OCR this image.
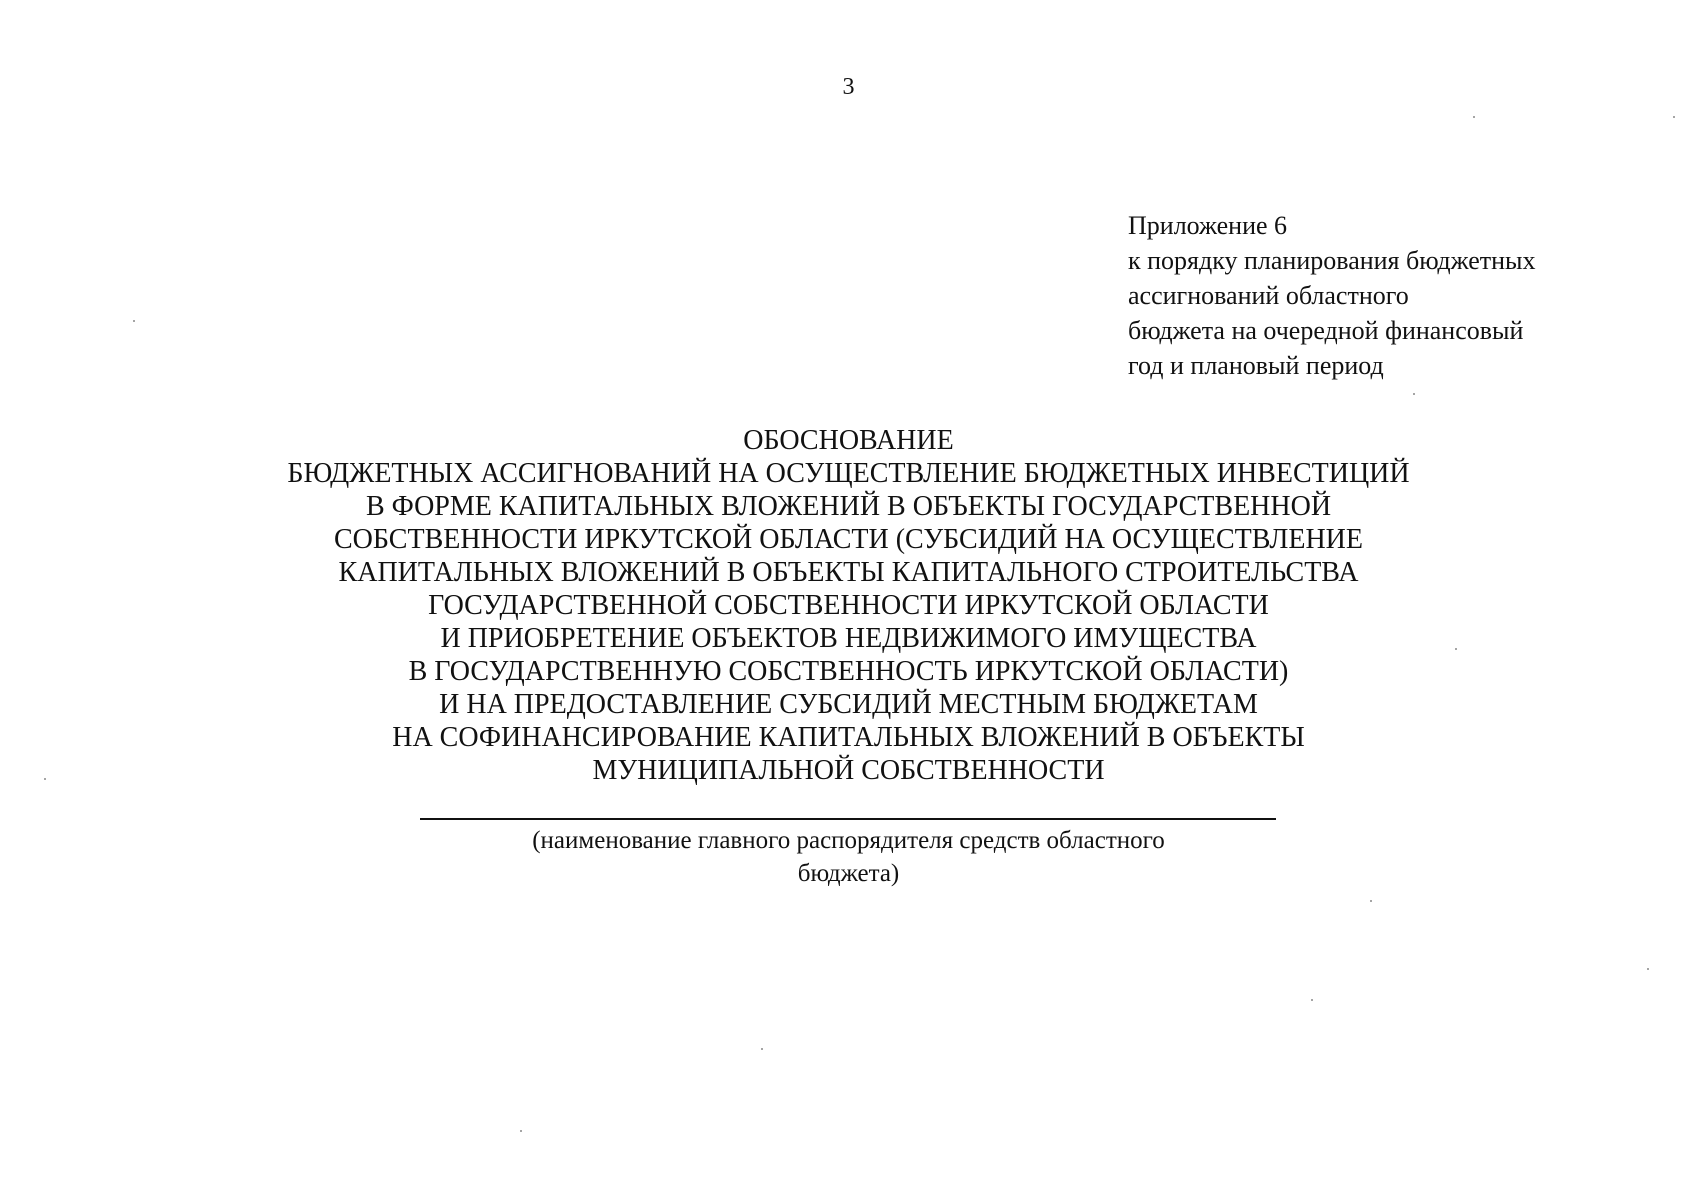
3
Приложение 6
к порядку планирования бюджетных
ассигнований областного
бюджета на очередной финансовый
год и плановый период
ОБОСНОВАНИЕ
БЮДЖЕТНЫХ АССИГНОВАНИЙ НА ОСУЩЕСТВЛЕНИЕ БЮДЖЕТНЫХ ИНВЕСТИЦИЙ
В ФОРМЕ КАПИТАЛЬНЫХ ВЛОЖЕНИЙ В ОБЪЕКТЫ ГОСУДАРСТВЕННОЙ
СОБСТВЕННОСТИ ИРКУТСКОЙ ОБЛАСТИ (СУБСИДИЙ НА ОСУЩЕСТВЛЕНИЕ
КАПИТАЛЬНЫХ ВЛОЖЕНИЙ В ОБЪЕКТЫ КАПИТАЛЬНОГО СТРОИТЕЛЬСТВА
ГОСУДАРСТВЕННОЙ СОБСТВЕННОСТИ ИРКУТСКОЙ ОБЛАСТИ
И ПРИОБРЕТЕНИЕ ОБЪЕКТОВ НЕДВИЖИМОГО ИМУЩЕСТВА
В ГОСУДАРСТВЕННУЮ СОБСТВЕННОСТЬ ИРКУТСКОЙ ОБЛАСТИ)
И НА ПРЕДОСТАВЛЕНИЕ СУБСИДИЙ МЕСТНЫМ БЮДЖЕТАМ
НА СОФИНАНСИРОВАНИЕ КАПИТАЛЬНЫХ ВЛОЖЕНИЙ В ОБЪЕКТЫ
МУНИЦИПАЛЬНОЙ СОБСТВЕННОСТИ
(наименование главного распорядителя средств областного
бюджета)
